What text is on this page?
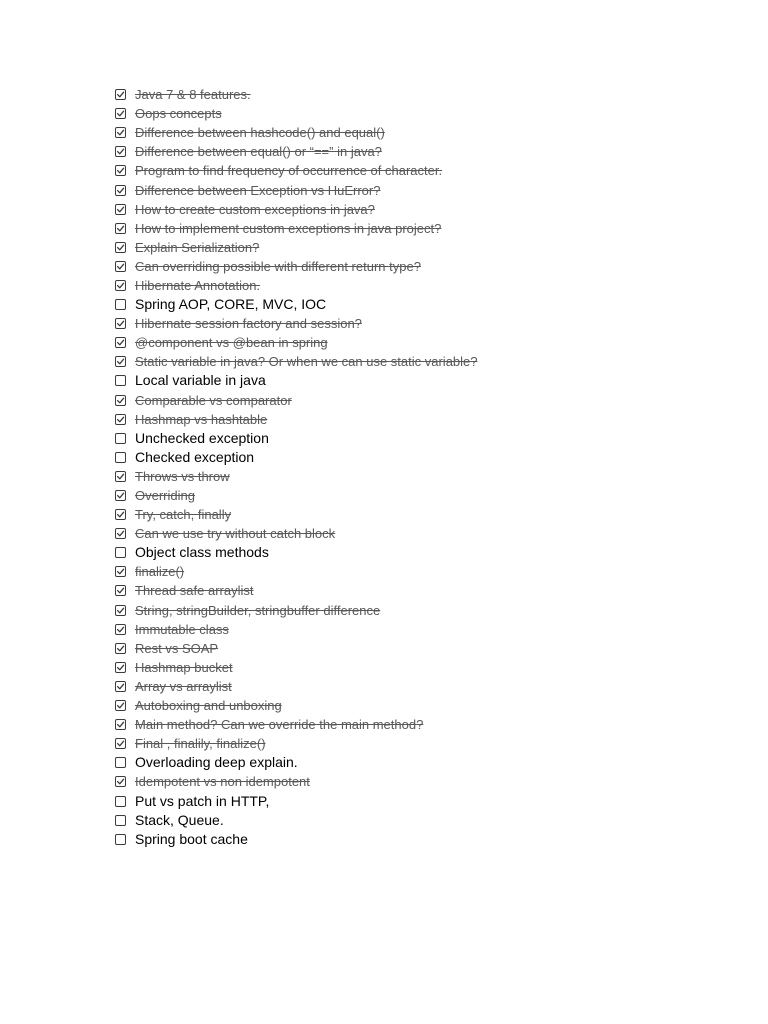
Java 7 & 8 features.
Oops concepts
Difference between hashcode() and equal()
Difference between equal() or “==” in java?
Program to find frequency of occurrence of character.
Difference between Exception vs HuError?
How to create custom exceptions in java?
How to implement custom exceptions in java project?
Explain Serialization?
Can overriding possible with different return type?
Hibernate Annotation.
Spring AOP, CORE, MVC, IOC
Hibernate session factory and session?
@component vs @bean in spring
Static variable in java? Or when we can use static variable?
Local variable in java
Comparable vs comparator
Hashmap vs hashtable
Unchecked exception
Checked exception
Throws vs throw
Overriding
Try, catch, finally
Can we use try without catch block
Object class methods
finalize()
Thread safe arraylist
String, stringBuilder, stringbuffer difference
Immutable class
Rest vs SOAP
Hashmap bucket
Array vs arraylist
Autoboxing and unboxing
Main method? Can we override the main method?
Final , finalily, finalize()
Overloading deep explain.
Idempotent vs non idempotent
Put vs patch in HTTP,
Stack, Queue.
Spring boot cache
